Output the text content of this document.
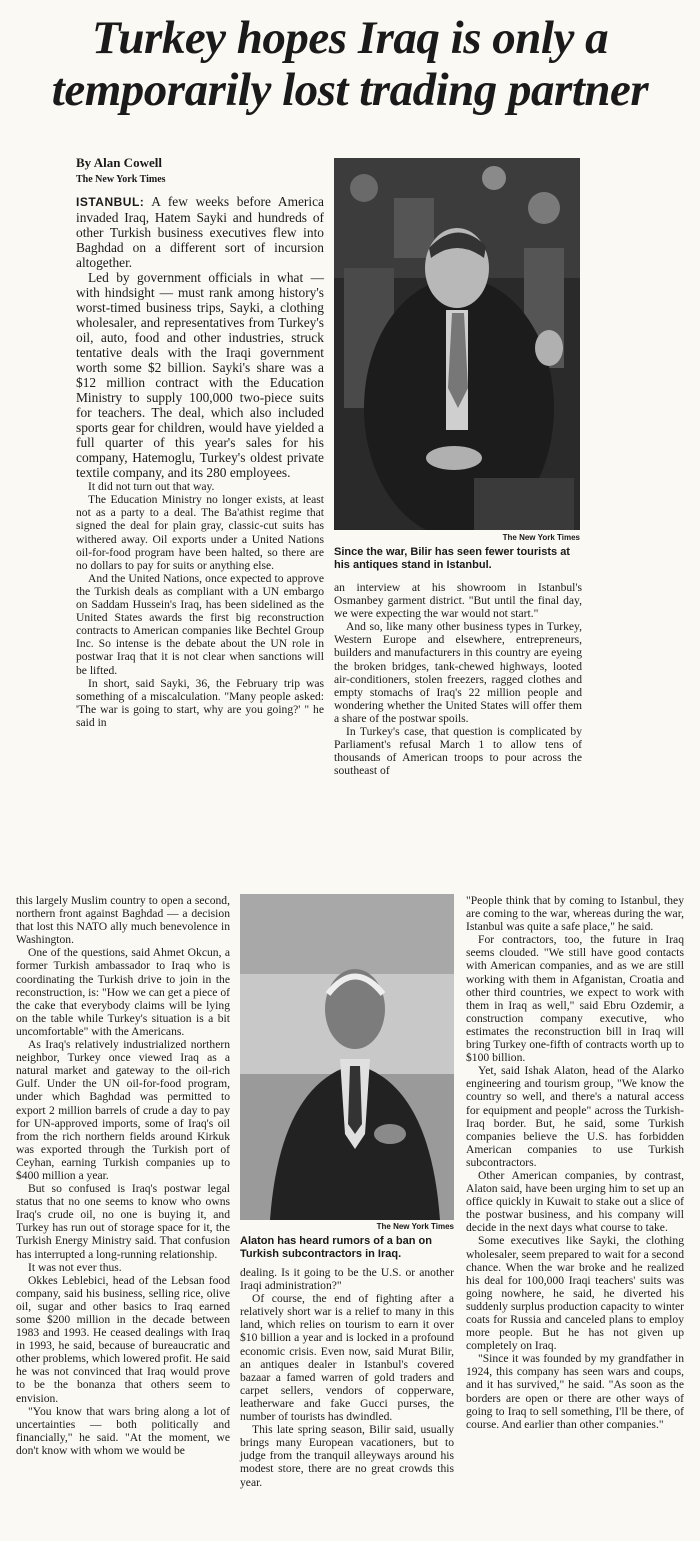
Turkey hopes Iraq is only a
temporarily lost trading partner
By Alan Cowell
The New York Times

ISTANBUL: A few weeks before America invaded Iraq, Hatem Sayki and hundreds of other Turkish business executives flew into Baghdad on a different sort of incursion altogether.

Led by government officials in what — with hindsight — must rank among history's worst-timed business trips, Sayki, a clothing wholesaler, and representatives from Turkey's oil, auto, food and other industries, struck tentative deals with the Iraqi government worth some $2 billion. Sayki's share was a $12 million contract with the Education Ministry to supply 100,000 two-piece suits for teachers. The deal, which also included sports gear for children, would have yielded a full quarter of this year's sales for his company, Hatemoglu, Turkey's oldest private textile company, and its 280 employees.

It did not turn out that way.

The Education Ministry no longer exists, at least not as a party to a deal. The Ba'athist regime that signed the deal for plain gray, classic-cut suits has withered away. Oil exports under a United Nations oil-for-food program have been halted, so there are no dollars to pay for suits or anything else.

And the United Nations, once expected to approve the Turkish deals as compliant with a UN embargo on Saddam Hussein's Iraq, has been sidelined as the United States awards the first big reconstruction contracts to American companies like Bechtel Group Inc. So intense is the debate about the UN role in postwar Iraq that it is not clear when sanctions will be lifted.

In short, said Sayki, 36, the February trip was something of a miscalculation. "Many people asked: 'The war is going to start, why are you going?' " he said in

The New York Times
Since the war, Bilir has seen fewer tourists at his antiques stand in Istanbul.

an interview at his showroom in Istanbul's Osmanbey garment district. "But until the final day, we were expecting the war would not start."

And so, like many other business types in Turkey, Western Europe and elsewhere, entrepreneurs, builders and manufacturers in this country are eyeing the broken bridges, tank-chewed highways, looted air-conditioners, stolen freezers, ragged clothes and empty stomachs of Iraq's 22 million people and wondering whether the United States will offer them a share of the postwar spoils.

In Turkey's case, that question is complicated by Parliament's refusal March 1 to allow tens of thousands of American troops to pour across the southeast of

this largely Muslim country to open a second, northern front against Baghdad — a decision that lost this NATO ally much benevolence in Washington.

One of the questions, said Ahmet Okcun, a former Turkish ambassador to Iraq who is coordinating the Turkish drive to join in the reconstruction, is: "How we can get a piece of the cake that everybody claims will be lying on the table while Turkey's situation is a bit uncomfortable" with the Americans.

As Iraq's relatively industrialized northern neighbor, Turkey once viewed Iraq as a natural market and gateway to the oil-rich Gulf. Under the UN oil-for-food program, under which Baghdad was permitted to export 2 million barrels of crude a day to pay for UN-approved imports, some of Iraq's oil from the rich northern fields around Kirkuk was exported through the Turkish port of Ceyhan, earning Turkish companies up to $400 million a year.

But so confused is Iraq's postwar legal status that no one seems to know who owns Iraq's crude oil, no one is buying it, and Turkey has run out of storage space for it, the Turkish Energy Ministry said. That confusion has interrupted a long-running relationship.

It was not ever thus.

Okkes Leblebici, head of the Lebsan food company, said his business, selling rice, olive oil, sugar and other basics to Iraq earned some $200 million in the decade between 1983 and 1993. He ceased dealings with Iraq in 1993, he said, because of bureaucratic and other problems, which lowered profit. He said he was not convinced that Iraq would prove to be the bonanza that others seem to envision.

"You know that wars bring along a lot of uncertainties — both politically and financially," he said. "At the moment, we don't know with whom we would be

The New York Times
Alaton has heard rumors of a ban on Turkish subcontractors in Iraq.

dealing. Is it going to be the U.S. or another Iraqi administration?"

Of course, the end of fighting after a relatively short war is a relief to many in this land, which relies on tourism to earn it over $10 billion a year and is locked in a profound economic crisis. Even now, said Murat Bilir, an antiques dealer in Istanbul's covered bazaar a famed warren of gold traders and carpet sellers, vendors of copperware, leatherware and fake Gucci purses, the number of tourists has dwindled.

This late spring season, Bilir said, usually brings many European vacationers, but to judge from the tranquil alleyways around his modest store, there are no great crowds this year.

"People think that by coming to Istanbul, they are coming to the war, whereas during the war, Istanbul was quite a safe place," he said.

For contractors, too, the future in Iraq seems clouded. "We still have good contacts with American companies, and as we are still working with them in Afganistan, Croatia and other third countries, we expect to work with them in Iraq as well," said Ebru Ozdemir, a construction company executive, who estimates the reconstruction bill in Iraq will bring Turkey one-fifth of contracts worth up to $100 billion.

Yet, said Ishak Alaton, head of the Alarko engineering and tourism group, "We know the country so well, and there's a natural access for equipment and people" across the Turkish-Iraq border. But, he said, some Turkish companies believe the U.S. has forbidden American companies to use Turkish subcontractors.

Other American companies, by contrast, Alaton said, have been urging him to set up an office quickly in Kuwait to stake out a slice of the postwar business, and his company will decide in the next days what course to take.

Some executives like Sayki, the clothing wholesaler, seem prepared to wait for a second chance. When the war broke and he realized his deal for 100,000 Iraqi teachers' suits was going nowhere, he said, he diverted his suddenly surplus production capacity to winter coats for Russia and canceled plans to employ more people. But he has not given up completely on Iraq.

"Since it was founded by my grandfather in 1924, this company has seen wars and coups, and it has survived," he said. "As soon as the borders are open or there are other ways of going to Iraq to sell something, I'll be there, of course. And earlier than other companies."
